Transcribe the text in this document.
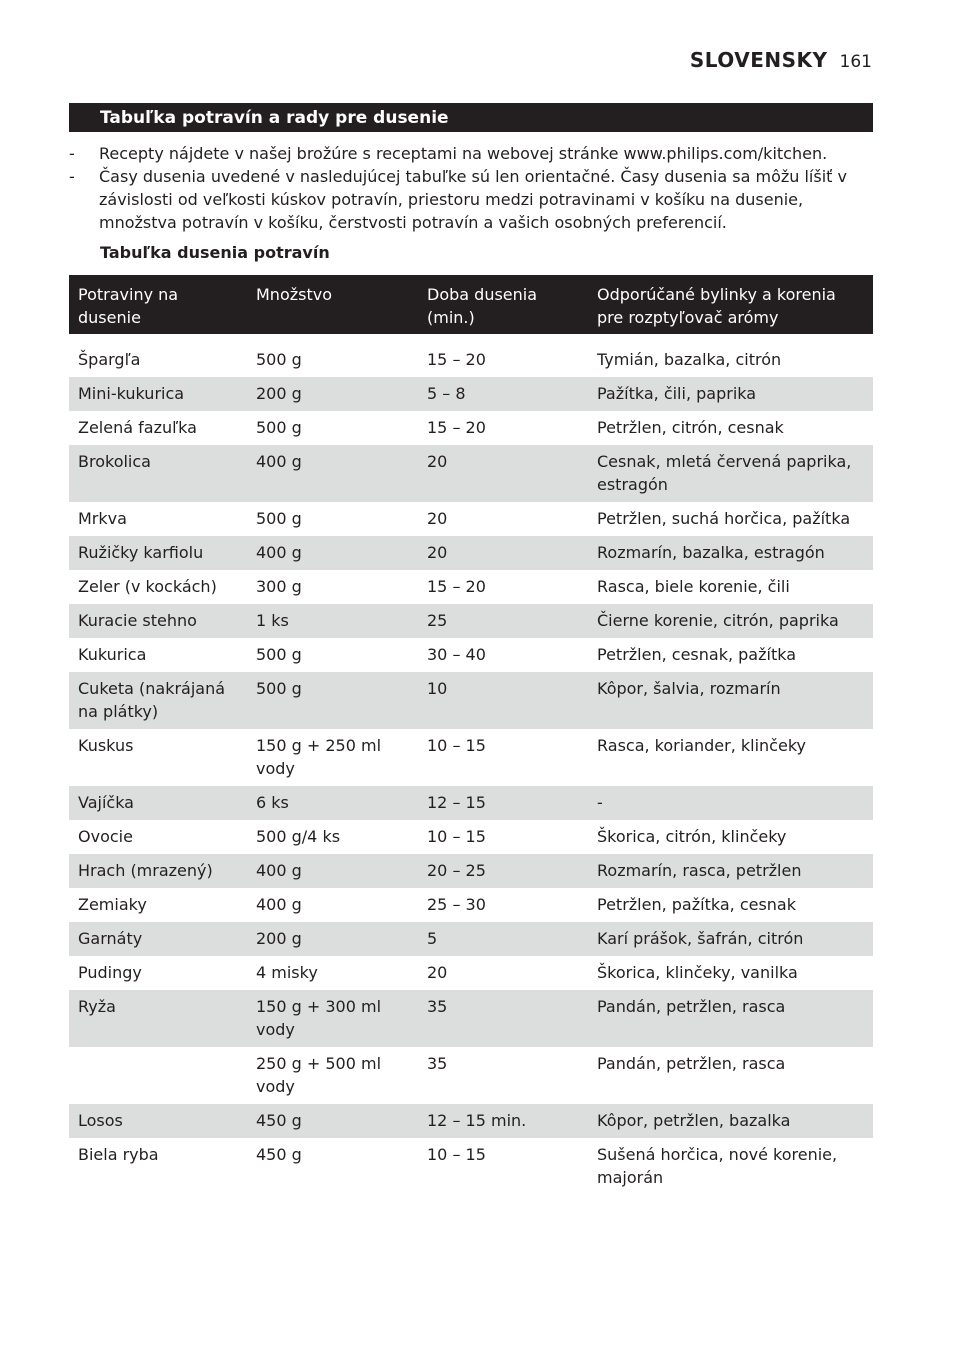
SLOVENSKY 161
Tabuľka potravín a rady pre dusenie
-	Recepty nájdete v našej brožúre s receptami na webovej stránke www.philips.com/kitchen.
-	Časy dusenia uvedené v nasledujúcej tabuľke sú len orientačné. Časy dusenia sa môžu líšiť v závislosti od veľkosti kúskov potravín, priestoru medzi potravinami v košíku na dusenie, množstva potravín v košíku, čerstvosti potravín a vašich osobných preferencií.
Tabuľka dusenia potravín
Potraviny na dusenie	Množstvo	Doba dusenia (min.)	Odporúčané bylinky a korenia pre rozptyľovač arómy
Špargľa	500 g	15 – 20	Tymián, bazalka, citrón
Mini-kukurica	200 g	5 – 8	Pažítka, čili, paprika
Zelená fazuľka	500 g	15 – 20	Petržlen, citrón, cesnak
Brokolica	400 g	20	Cesnak, mletá červená paprika, estragón
Mrkva	500 g	20	Petržlen, suchá horčica, pažítka
Ružičky karfiolu	400 g	20	Rozmarín, bazalka, estragón
Zeler (v kockách)	300 g	15 – 20	Rasca, biele korenie, čili
Kuracie stehno	1 ks	25	Čierne korenie, citrón, paprika
Kukurica	500 g	30 – 40	Petržlen, cesnak, pažítka
Cuketa (nakrájaná na plátky)	500 g	10	Kôpor, šalvia, rozmarín
Kuskus	150 g + 250 ml vody	10 – 15	Rasca, koriander, klinčeky
Vajíčka	6 ks	12 – 15	-
Ovocie	500 g/4 ks	10 – 15	Škorica, citrón, klinčeky
Hrach (mrazený)	400 g	20 – 25	Rozmarín, rasca, petržlen
Zemiaky	400 g	25 – 30	Petržlen, pažítka, cesnak
Garnáty	200 g	5	Karí prášok, šafrán, citrón
Pudingy	4 misky	20	Škorica, klinčeky, vanilka
Ryža	150 g + 300 ml vody	35	Pandán, petržlen, rasca
	250 g + 500 ml vody	35	Pandán, petržlen, rasca
Losos	450 g	12 – 15 min.	Kôpor, petržlen, bazalka
Biela ryba	450 g	10 – 15	Sušená horčica, nové korenie, majorán
